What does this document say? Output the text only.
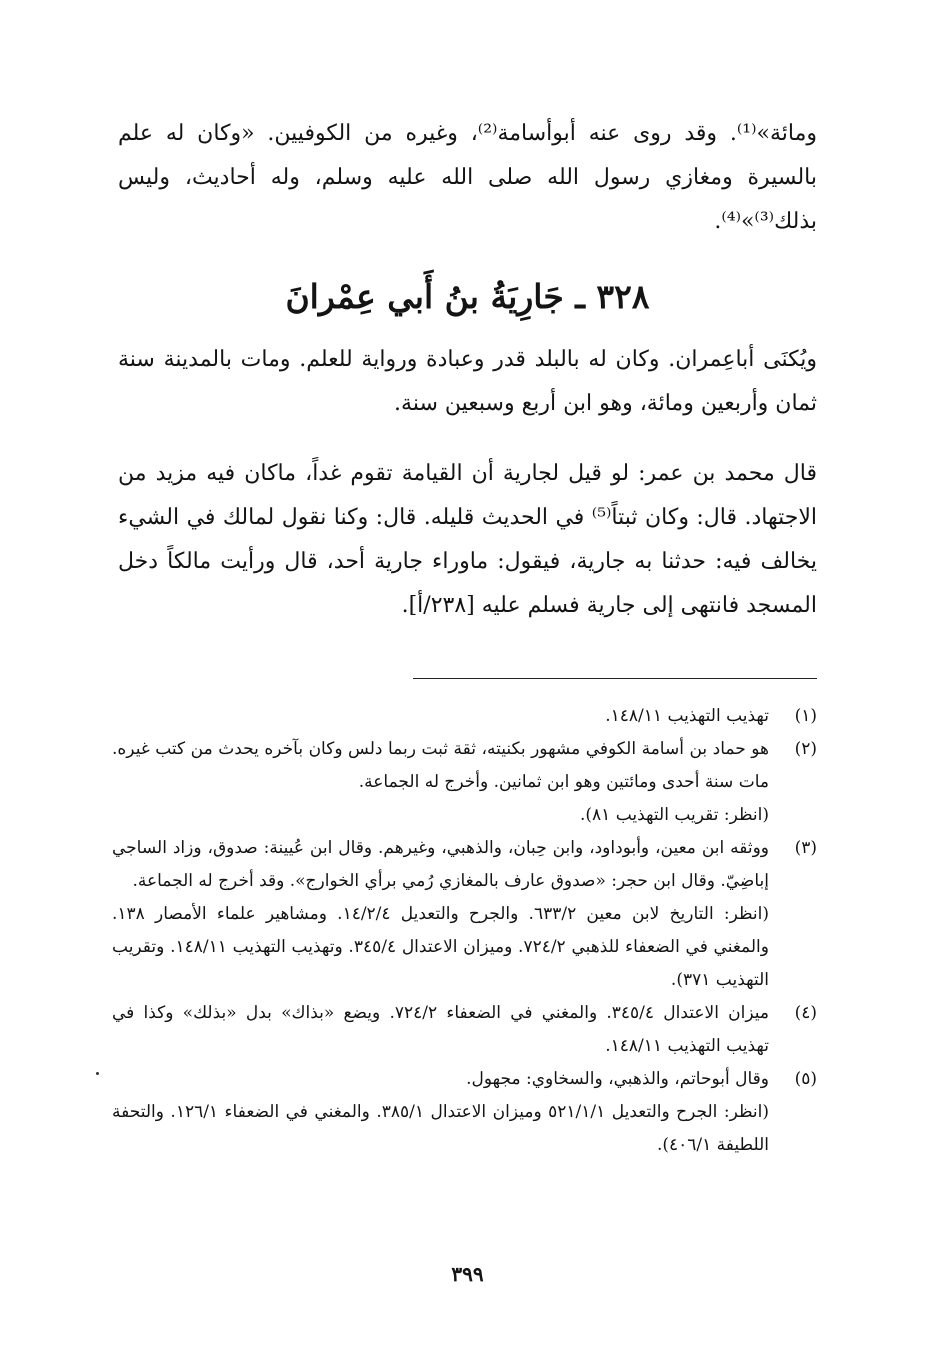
ومائة»⁽¹⁾. وقد روى عنه أبوأسامة⁽²⁾، وغيره من الكوفيين. «وكان له علم بالسيرة ومغازي رسول الله صلى الله عليه وسلم، وله أحاديث، وليس بذلك⁽³⁾»⁽⁴⁾.

٣٢٨ ـ جَارِيَةُ بنُ أَبي عِمْرانَ

ويُكنَى أباعِمران. وكان له بالبلد قدر وعبادة ورواية للعلم. ومات بالمدينة سنة ثمان وأربعين ومائة، وهو ابن أربع وسبعين سنة.

قال محمد بن عمر: لو قيل لجارية أن القيامة تقوم غداً، ماكان فيه مزيد من الاجتهاد. قال: وكان ثبتاً⁽⁵⁾ في الحديث قليله. قال: وكنا نقول لمالك في الشيء يخالف فيه: حدثنا به جارية، فيقول: ماوراء جارية أحد، قال ورأيت مالكاً دخل المسجد فانتهى إلى جارية فسلم عليه [٢٣٨/أ].

(١)

تهذيب التهذيب ١٤٨/١١.

(٢)

هو حماد بن أسامة الكوفي مشهور بكنيته، ثقة ثبت ربما دلس وكان بآخره يحدث من كتب غيره. مات سنة أحدى ومائتين وهو ابن ثمانين. وأخرج له الجماعة.

(انظر: تقريب التهذيب ٨١).

(٣)

ووثقه ابن معين، وأبوداود، وابن حِبان، والذهبي، وغيرهم. وقال ابن عُيينة: صدوق، وزاد الساجي إباضِيّ. وقال ابن حجر: «صدوق عارف بالمغازي رُمي برأي الخوارج». وقد أخرج له الجماعة.

(انظر: التاريخ لابن معين ٦٣٣/٢. والجرح والتعديل ١٤/٢/٤. ومشاهير علماء الأمصار ١٣٨. والمغني في الضعفاء للذهبي ٧٢٤/٢. وميزان الاعتدال ٣٤٥/٤. وتهذيب التهذيب ١٤٨/١١. وتقريب التهذيب ٣٧١).

(٤)

ميزان الاعتدال ٣٤٥/٤. والمغني في الضعفاء ٧٢٤/٢. ويضع «بذاك» بدل «بذلك» وكذا في تهذيب التهذيب ١٤٨/١١.

(٥)

وقال أبوحاتم، والذهبي، والسخاوي: مجهول.

(انظر: الجرح والتعديل ٥٢١/١/١ وميزان الاعتدال ٣٨٥/١. والمغني في الضعفاء ١٢٦/١. والتحفة اللطيفة ٤٠٦/١).

٣٩٩
